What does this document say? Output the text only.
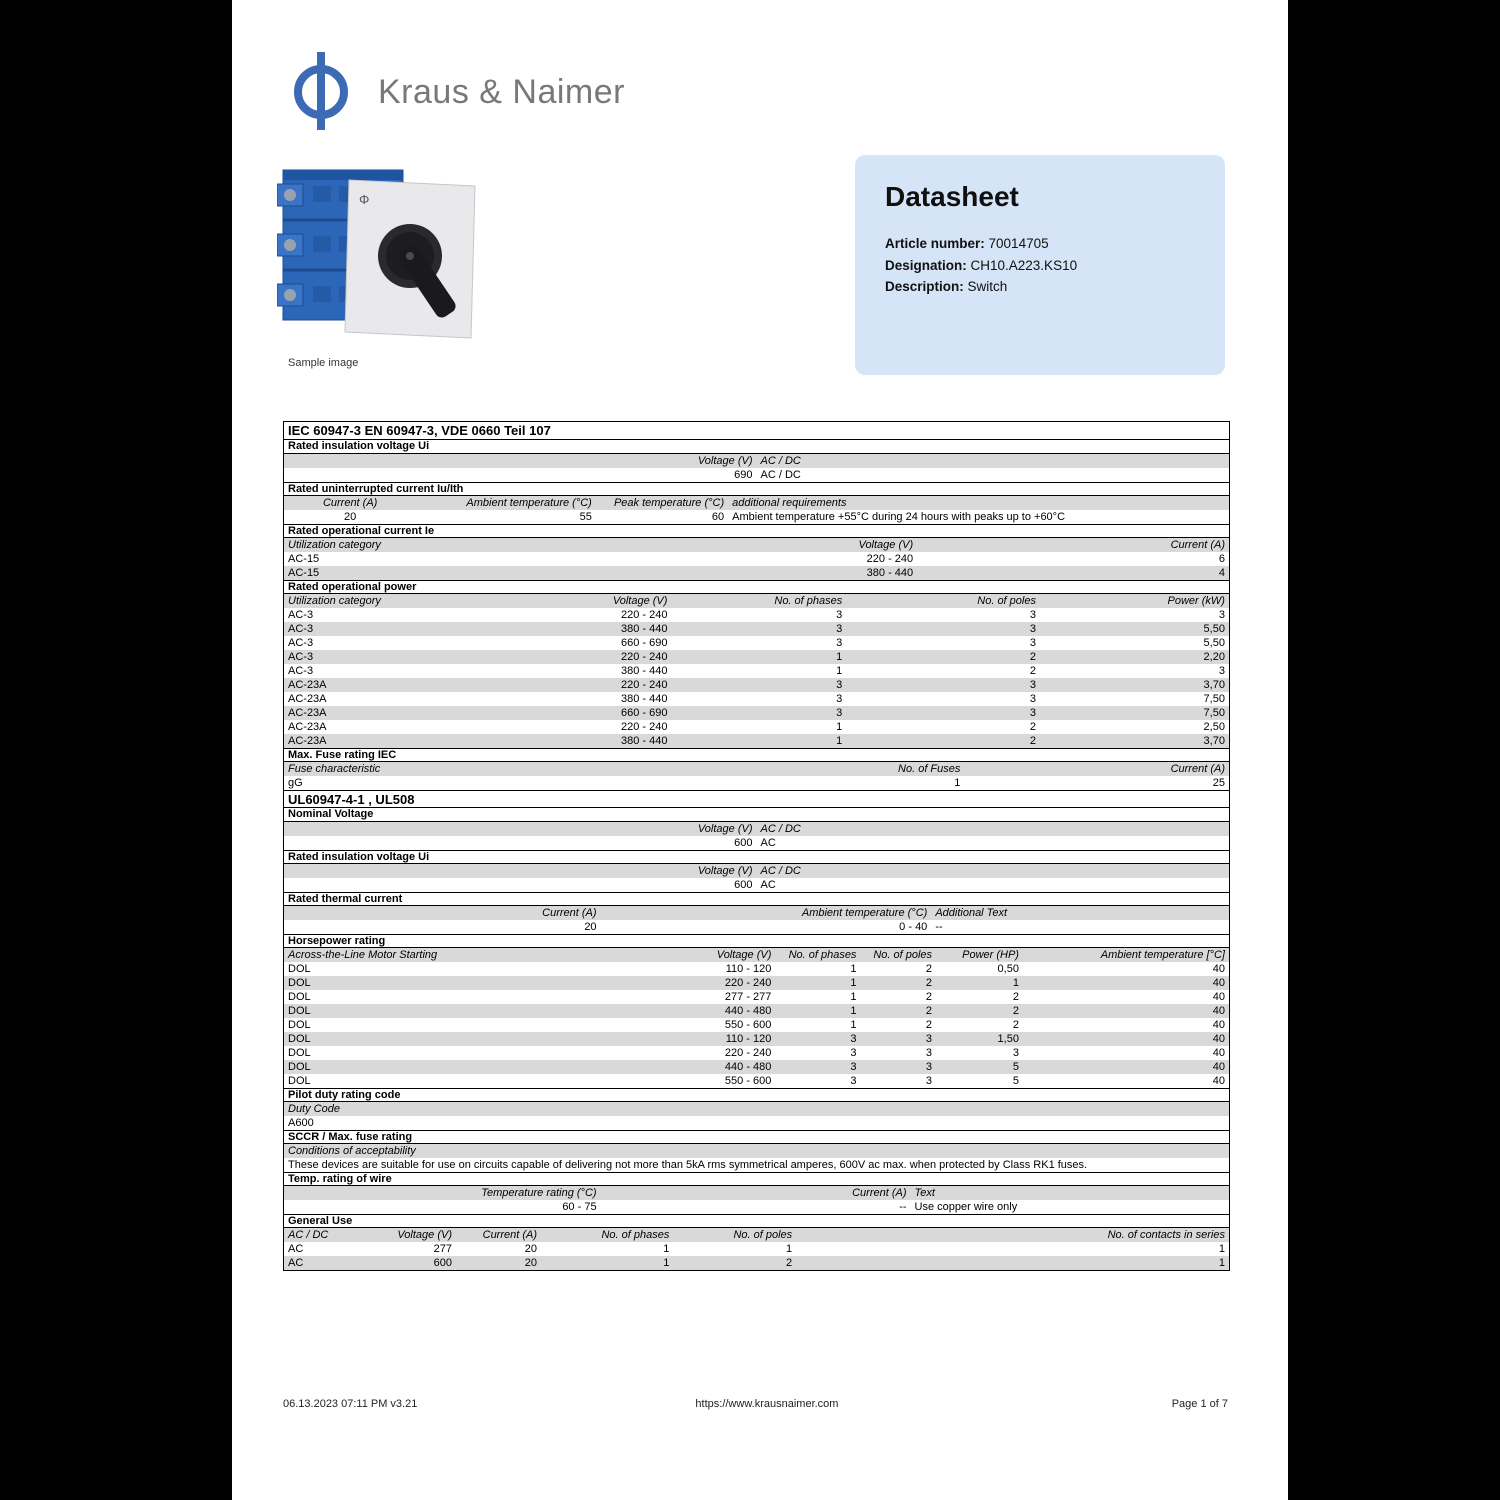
Kraus & Naimer
Φ
Sample image
Datasheet
Article number: 70014705
Designation: CH10.A223.KS10
Description: Switch
IEC 60947-3 EN 60947-3, VDE 0660 Teil 107
Rated insulation voltage Ui
Voltage (V) AC / DC
690 AC / DC
Rated uninterrupted current Iu/Ith
Current (A)	Ambient temperature (°C)	Peak temperature (°C) additional requirements
20	55	60 Ambient temperature +55°C during 24 hours with peaks up to +60°C
Rated operational current Ie
Utilization category	Voltage (V)	Current (A)
AC-15	220 - 240	6
AC-15	380 - 440	4
Rated operational power
Utilization category	Voltage (V)	No. of phases	No. of poles	Power (kW)
AC-3	220 - 240	3	3	3
AC-3	380 - 440	3	3	5,50
AC-3	660 - 690	3	3	5,50
AC-3	220 - 240	1	2	2,20
AC-3	380 - 440	1	2	3
AC-23A	220 - 240	3	3	3,70
AC-23A	380 - 440	3	3	7,50
AC-23A	660 - 690	3	3	7,50
AC-23A	220 - 240	1	2	2,50
AC-23A	380 - 440	1	2	3,70
Max. Fuse rating IEC
Fuse characteristic	No. of Fuses	Current (A)
gG	1	25
UL60947-4-1 , UL508
Nominal Voltage
Voltage (V) AC / DC
600 AC
Rated insulation voltage Ui
Voltage (V) AC / DC
600 AC
Rated thermal current
Current (A)	Ambient temperature (°C) Additional Text
20	0 - 40 --
Horsepower rating
Across-the-Line Motor Starting	Voltage (V)	No. of phases	No. of poles	Power (HP)	Ambient temperature [°C]
DOL	110 - 120	1	2	0,50	40
DOL	220 - 240	1	2	1	40
DOL	277 - 277	1	2	2	40
DOL	440 - 480	1	2	2	40
DOL	550 - 600	1	2	2	40
DOL	110 - 120	3	3	1,50	40
DOL	220 - 240	3	3	3	40
DOL	440 - 480	3	3	5	40
DOL	550 - 600	3	3	5	40
Pilot duty rating code
Duty Code
A600
SCCR / Max. fuse rating
Conditions of acceptability
These devices are suitable for use on circuits capable of delivering not more than 5kA rms symmetrical amperes, 600V ac max. when protected by Class RK1 fuses.
Temp. rating of wire
Temperature rating (°C)	Current (A) Text
60 - 75	-- Use copper wire only
General Use
AC / DC	Voltage (V)	Current (A)	No. of phases	No. of poles	No. of contacts in series
AC	277	20	1	1	1
AC	600	20	1	2	1
06.13.2023 07:11 PM v3.21	https://www.krausnaimer.com	Page 1 of 7
